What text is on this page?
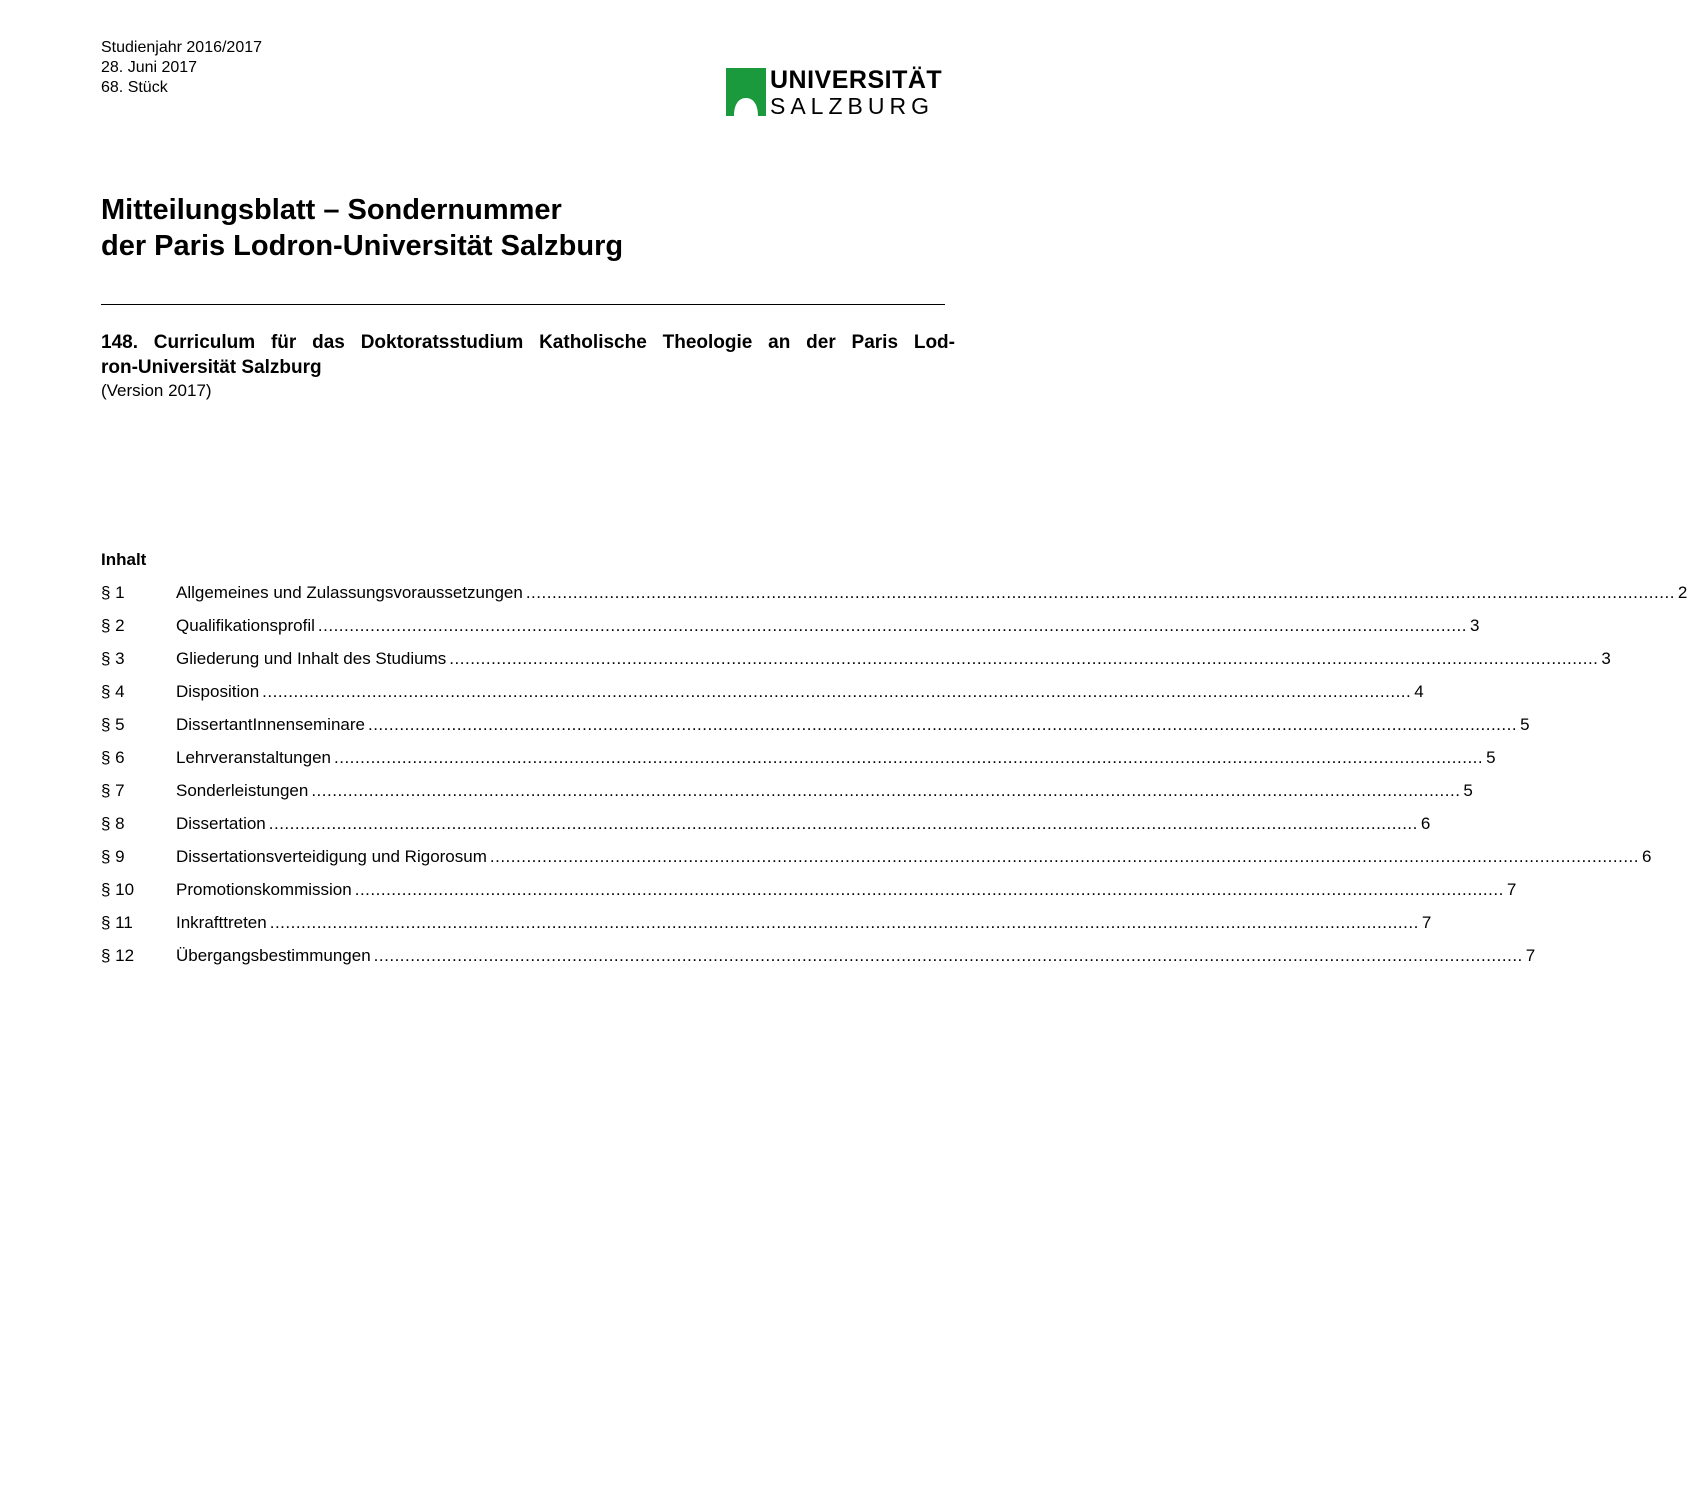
Studienjahr 2016/2017
28. Juni 2017
68. Stück	UNIVERSITÄT
SALZBURG
Mitteilungsblatt – Sondernummer
der Paris Lodron-Universität Salzburg
148. Curriculum für das Doktoratsstudium Katholische Theologie an der Paris Lod-
ron-Universität Salzburg
(Version 2017)
Inhalt
§ 1	Allgemeines und Zulassungsvoraussetzungen ............................................................................................................................................................................................................................ 2
§ 2	Qualifikationsprofil ............................................................................................................................................................................................................................ 3
§ 3	Gliederung und Inhalt des Studiums ............................................................................................................................................................................................................................ 3
§ 4	Disposition ............................................................................................................................................................................................................................ 4
§ 5	DissertantInnenseminare ............................................................................................................................................................................................................................ 5
§ 6	Lehrveranstaltungen ............................................................................................................................................................................................................................ 5
§ 7	Sonderleistungen ............................................................................................................................................................................................................................ 5
§ 8	Dissertation ............................................................................................................................................................................................................................ 6
§ 9	Dissertationsverteidigung und Rigorosum ............................................................................................................................................................................................................................ 6
§ 10	Promotionskommission ............................................................................................................................................................................................................................ 7
§ 11	Inkrafttreten ............................................................................................................................................................................................................................ 7
§ 12	Übergangsbestimmungen ............................................................................................................................................................................................................................ 7
